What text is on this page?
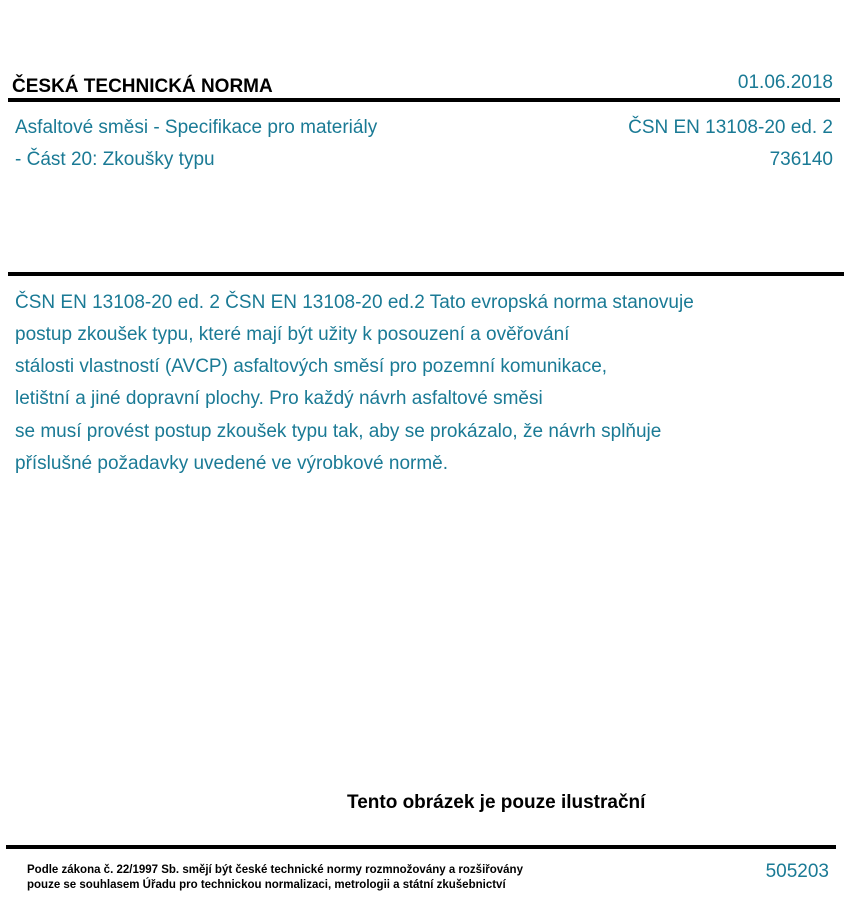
ČESKÁ TECHNICKÁ NORMA	01.06.2018
Asfaltové směsi - Specifikace pro materiály
- Část 20: Zkoušky typu
ČSN EN 13108-20 ed. 2
736140
ČSN EN 13108-20 ed. 2 ČSN EN 13108-20 ed.2 Tato evropská norma stanovuje
postup zkoušek typu, které mají být užity k posouzení a ověřování
stálosti vlastností (AVCP) asfaltových směsí pro pozemní komunikace,
letištní a jiné dopravní plochy. Pro každý návrh asfaltové směsi
se musí provést postup zkoušek typu tak, aby se prokázalo, že návrh splňuje
příslušné požadavky uvedené ve výrobkové normě.
Tento obrázek je pouze ilustrační
Podle zákona č. 22/1997 Sb. smějí být české technické normy rozmnožovány a rozšiřovány
pouze se souhlasem Úřadu pro technickou normalizaci, metrologii a státní zkušebnictví
505203
